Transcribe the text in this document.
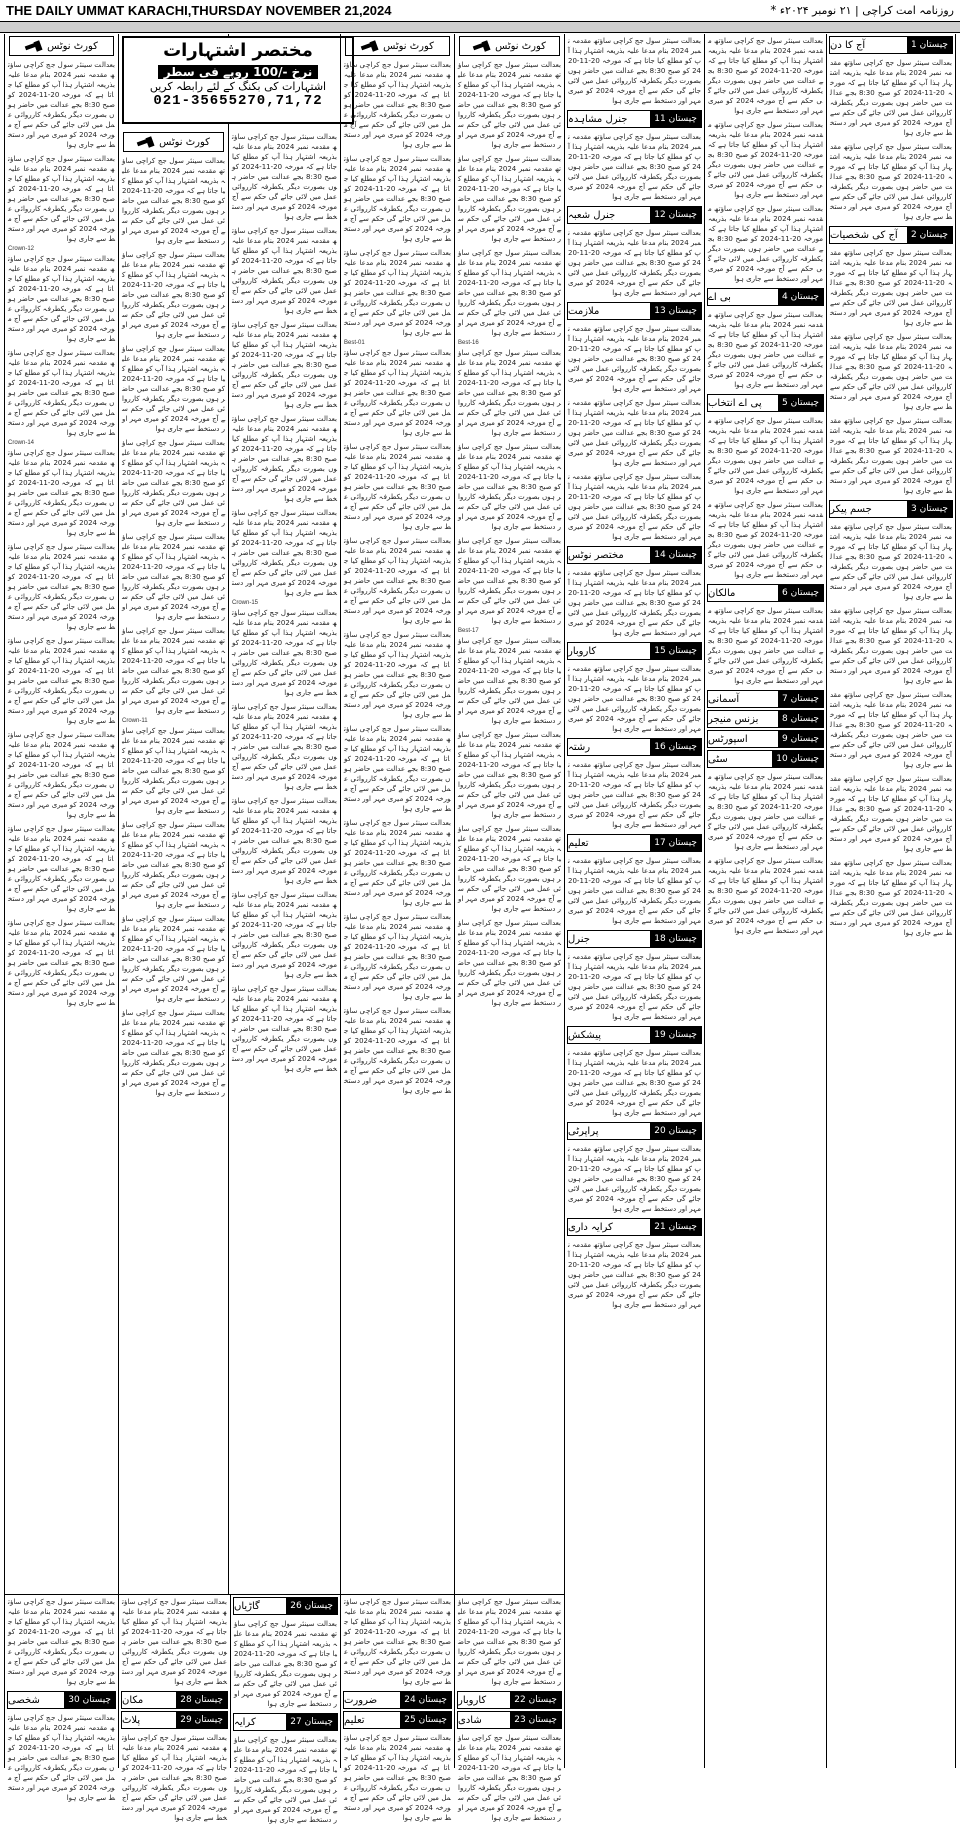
THE DAILY UMMAT KARACHI,THURSDAY NOVEMBER 21,2024	روزنامہ امت کراچی | ۲۱ نومبر ۲۰۲۴ء *
کورٹ نوٹس
بعدالت سینئر سول جج کراچی ساؤتھ مقدمہ نمبر 2024 بنام مدعا علیہ بذریعہ اشتہار ہذا آپ کو مطلع کیا جاتا ہے کہ مورخہ 20-11-2024 کو صبح 8:30 بجے عدالت میں حاضر ہوں بصورت دیگر یکطرفہ کارروائی عمل میں لائی جائے گی حکم سے آج مورخہ 2024 کو میری مہر اور دستخط سے جاری ہوا
بعدالت سینئر سول جج کراچی ساؤتھ مقدمہ نمبر 2024 بنام مدعا علیہ بذریعہ اشتہار ہذا آپ کو مطلع کیا جاتا ہے کہ مورخہ 20-11-2024 کو صبح 8:30 بجے عدالت میں حاضر ہوں بصورت دیگر یکطرفہ کارروائی عمل میں لائی جائے گی حکم سے آج مورخہ 2024 کو میری مہر اور دستخط سے جاری ہوا
Crown-12
بعدالت سینئر سول جج کراچی ساؤتھ مقدمہ نمبر 2024 بنام مدعا علیہ بذریعہ اشتہار ہذا آپ کو مطلع کیا جاتا ہے کہ مورخہ 20-11-2024 کو صبح 8:30 بجے عدالت میں حاضر ہوں بصورت دیگر یکطرفہ کارروائی عمل میں لائی جائے گی حکم سے آج مورخہ 2024 کو میری مہر اور دستخط سے جاری ہوا
بعدالت سینئر سول جج کراچی ساؤتھ مقدمہ نمبر 2024 بنام مدعا علیہ بذریعہ اشتہار ہذا آپ کو مطلع کیا جاتا ہے کہ مورخہ 20-11-2024 کو صبح 8:30 بجے عدالت میں حاضر ہوں بصورت دیگر یکطرفہ کارروائی عمل میں لائی جائے گی حکم سے آج مورخہ 2024 کو میری مہر اور دستخط سے جاری ہوا
Crown-14
بعدالت سینئر سول جج کراچی ساؤتھ مقدمہ نمبر 2024 بنام مدعا علیہ بذریعہ اشتہار ہذا آپ کو مطلع کیا جاتا ہے کہ مورخہ 20-11-2024 کو صبح 8:30 بجے عدالت میں حاضر ہوں بصورت دیگر یکطرفہ کارروائی عمل میں لائی جائے گی حکم سے آج مورخہ 2024 کو میری مہر اور دستخط سے جاری ہوا
بعدالت سینئر سول جج کراچی ساؤتھ مقدمہ نمبر 2024 بنام مدعا علیہ بذریعہ اشتہار ہذا آپ کو مطلع کیا جاتا ہے کہ مورخہ 20-11-2024 کو صبح 8:30 بجے عدالت میں حاضر ہوں بصورت دیگر یکطرفہ کارروائی عمل میں لائی جائے گی حکم سے آج مورخہ 2024 کو میری مہر اور دستخط سے جاری ہوا
بعدالت سینئر سول جج کراچی ساؤتھ مقدمہ نمبر 2024 بنام مدعا علیہ بذریعہ اشتہار ہذا آپ کو مطلع کیا جاتا ہے کہ مورخہ 20-11-2024 کو صبح 8:30 بجے عدالت میں حاضر ہوں بصورت دیگر یکطرفہ کارروائی عمل میں لائی جائے گی حکم سے آج مورخہ 2024 کو میری مہر اور دستخط سے جاری ہوا
بعدالت سینئر سول جج کراچی ساؤتھ مقدمہ نمبر 2024 بنام مدعا علیہ بذریعہ اشتہار ہذا آپ کو مطلع کیا جاتا ہے کہ مورخہ 20-11-2024 کو صبح 8:30 بجے عدالت میں حاضر ہوں بصورت دیگر یکطرفہ کارروائی عمل میں لائی جائے گی حکم سے آج مورخہ 2024 کو میری مہر اور دستخط سے جاری ہوا
بعدالت سینئر سول جج کراچی ساؤتھ مقدمہ نمبر 2024 بنام مدعا علیہ بذریعہ اشتہار ہذا آپ کو مطلع کیا جاتا ہے کہ مورخہ 20-11-2024 کو صبح 8:30 بجے عدالت میں حاضر ہوں بصورت دیگر یکطرفہ کارروائی عمل میں لائی جائے گی حکم سے آج مورخہ 2024 کو میری مہر اور دستخط سے جاری ہوا
بعدالت سینئر سول جج کراچی ساؤتھ مقدمہ نمبر 2024 بنام مدعا علیہ بذریعہ اشتہار ہذا آپ کو مطلع کیا جاتا ہے کہ مورخہ 20-11-2024 کو صبح 8:30 بجے عدالت میں حاضر ہوں بصورت دیگر یکطرفہ کارروائی عمل میں لائی جائے گی حکم سے آج مورخہ 2024 کو میری مہر اور دستخط سے جاری ہوا
کورٹ نوٹس
بعدالت سینئر سول جج کراچی ساؤتھ مقدمہ نمبر 2024 بنام مدعا علیہ بذریعہ اشتہار ہذا آپ کو مطلع کیا جاتا ہے کہ مورخہ 20-11-2024 کو صبح 8:30 بجے عدالت میں حاضر ہوں بصورت دیگر یکطرفہ کارروائی عمل میں لائی جائے گی حکم سے آج مورخہ 2024 کو میری مہر اور دستخط سے جاری ہوا
بعدالت سینئر سول جج کراچی ساؤتھ مقدمہ نمبر 2024 بنام مدعا علیہ بذریعہ اشتہار ہذا آپ کو مطلع کیا جاتا ہے کہ مورخہ 20-11-2024 کو صبح 8:30 بجے عدالت میں حاضر ہوں بصورت دیگر یکطرفہ کارروائی عمل میں لائی جائے گی حکم سے آج مورخہ 2024 کو میری مہر اور دستخط سے جاری ہوا
بعدالت سینئر سول جج کراچی ساؤتھ مقدمہ نمبر 2024 بنام مدعا علیہ بذریعہ اشتہار ہذا آپ کو مطلع کیا جاتا ہے کہ مورخہ 20-11-2024 کو صبح 8:30 بجے عدالت میں حاضر ہوں بصورت دیگر یکطرفہ کارروائی عمل میں لائی جائے گی حکم سے آج مورخہ 2024 کو میری مہر اور دستخط سے جاری ہوا
بعدالت سینئر سول جج کراچی ساؤتھ مقدمہ نمبر 2024 بنام مدعا علیہ بذریعہ اشتہار ہذا آپ کو مطلع کیا جاتا ہے کہ مورخہ 20-11-2024 کو صبح 8:30 بجے عدالت میں حاضر ہوں بصورت دیگر یکطرفہ کارروائی عمل میں لائی جائے گی حکم سے آج مورخہ 2024 کو میری مہر اور دستخط سے جاری ہوا
بعدالت سینئر سول جج کراچی ساؤتھ مقدمہ نمبر 2024 بنام مدعا علیہ بذریعہ اشتہار ہذا آپ کو مطلع کیا جاتا ہے کہ مورخہ 20-11-2024 کو صبح 8:30 بجے عدالت میں حاضر ہوں بصورت دیگر یکطرفہ کارروائی عمل میں لائی جائے گی حکم سے آج مورخہ 2024 کو میری مہر اور دستخط سے جاری ہوا
بعدالت سینئر سول جج کراچی ساؤتھ مقدمہ نمبر 2024 بنام مدعا علیہ بذریعہ اشتہار ہذا آپ کو مطلع کیا جاتا ہے کہ مورخہ 20-11-2024 کو صبح 8:30 بجے عدالت میں حاضر ہوں بصورت دیگر یکطرفہ کارروائی عمل میں لائی جائے گی حکم سے آج مورخہ 2024 کو میری مہر اور دستخط سے جاری ہوا
Crown-11
بعدالت سینئر سول جج کراچی ساؤتھ مقدمہ نمبر 2024 بنام مدعا علیہ بذریعہ اشتہار ہذا آپ کو مطلع کیا جاتا ہے کہ مورخہ 20-11-2024 کو صبح 8:30 بجے عدالت میں حاضر ہوں بصورت دیگر یکطرفہ کارروائی عمل میں لائی جائے گی حکم سے آج مورخہ 2024 کو میری مہر اور دستخط سے جاری ہوا
بعدالت سینئر سول جج کراچی ساؤتھ مقدمہ نمبر 2024 بنام مدعا علیہ بذریعہ اشتہار ہذا آپ کو مطلع کیا جاتا ہے کہ مورخہ 20-11-2024 کو صبح 8:30 بجے عدالت میں حاضر ہوں بصورت دیگر یکطرفہ کارروائی عمل میں لائی جائے گی حکم سے آج مورخہ 2024 کو میری مہر اور دستخط سے جاری ہوا
بعدالت سینئر سول جج کراچی ساؤتھ مقدمہ نمبر 2024 بنام مدعا علیہ بذریعہ اشتہار ہذا آپ کو مطلع کیا جاتا ہے کہ مورخہ 20-11-2024 کو صبح 8:30 بجے عدالت میں حاضر ہوں بصورت دیگر یکطرفہ کارروائی عمل میں لائی جائے گی حکم سے آج مورخہ 2024 کو میری مہر اور دستخط سے جاری ہوا
بعدالت سینئر سول جج کراچی ساؤتھ مقدمہ نمبر 2024 بنام مدعا علیہ بذریعہ اشتہار ہذا آپ کو مطلع کیا جاتا ہے کہ مورخہ 20-11-2024 کو صبح 8:30 بجے عدالت میں حاضر ہوں بصورت دیگر یکطرفہ کارروائی عمل میں لائی جائے گی حکم سے آج مورخہ 2024 کو میری مہر اور دستخط سے جاری ہوا
بعدالت سینئر سول جج کراچی ساؤتھ مقدمہ نمبر 2024 بنام مدعا علیہ بذریعہ اشتہار ہذا آپ کو مطلع کیا جاتا ہے کہ مورخہ 20-11-2024 کو صبح 8:30 بجے عدالت میں حاضر ہوں بصورت دیگر یکطرفہ کارروائی عمل میں لائی جائے گی حکم سے آج مورخہ 2024 کو میری مہر اور دستخط سے جاری ہوا
بعدالت سینئر سول جج کراچی ساؤتھ مقدمہ نمبر 2024 بنام مدعا علیہ بذریعہ اشتہار ہذا آپ کو مطلع کیا جاتا ہے کہ مورخہ 20-11-2024 کو صبح 8:30 بجے عدالت میں حاضر ہوں بصورت دیگر یکطرفہ کارروائی عمل میں لائی جائے گی حکم سے آج مورخہ 2024 کو میری مہر اور دستخط سے جاری ہوا
بعدالت سینئر سول جج کراچی ساؤتھ مقدمہ نمبر 2024 بنام مدعا علیہ بذریعہ اشتہار ہذا آپ کو مطلع کیا جاتا ہے کہ مورخہ 20-11-2024 کو صبح 8:30 بجے عدالت میں حاضر ہوں بصورت دیگر یکطرفہ کارروائی عمل میں لائی جائے گی حکم سے آج مورخہ 2024 کو میری مہر اور دستخط سے جاری ہوا
بعدالت سینئر سول جج کراچی ساؤتھ مقدمہ نمبر 2024 بنام مدعا علیہ بذریعہ اشتہار ہذا آپ کو مطلع کیا جاتا ہے کہ مورخہ 20-11-2024 کو صبح 8:30 بجے عدالت میں حاضر ہوں بصورت دیگر یکطرفہ کارروائی عمل میں لائی جائے گی حکم سے آج مورخہ 2024 کو میری مہر اور دستخط سے جاری ہوا
بعدالت سینئر سول جج کراچی ساؤتھ مقدمہ نمبر 2024 بنام مدعا علیہ بذریعہ اشتہار ہذا آپ کو مطلع کیا جاتا ہے کہ مورخہ 20-11-2024 کو صبح 8:30 بجے عدالت میں حاضر ہوں بصورت دیگر یکطرفہ کارروائی عمل میں لائی جائے گی حکم سے آج مورخہ 2024 کو میری مہر اور دستخط سے جاری ہوا
Crown-15
بعدالت سینئر سول جج کراچی ساؤتھ مقدمہ نمبر 2024 بنام مدعا علیہ بذریعہ اشتہار ہذا آپ کو مطلع کیا جاتا ہے کہ مورخہ 20-11-2024 کو صبح 8:30 بجے عدالت میں حاضر ہوں بصورت دیگر یکطرفہ کارروائی عمل میں لائی جائے گی حکم سے آج مورخہ 2024 کو میری مہر اور دستخط سے جاری ہوا
بعدالت سینئر سول جج کراچی ساؤتھ مقدمہ نمبر 2024 بنام مدعا علیہ بذریعہ اشتہار ہذا آپ کو مطلع کیا جاتا ہے کہ مورخہ 20-11-2024 کو صبح 8:30 بجے عدالت میں حاضر ہوں بصورت دیگر یکطرفہ کارروائی عمل میں لائی جائے گی حکم سے آج مورخہ 2024 کو میری مہر اور دستخط سے جاری ہوا
بعدالت سینئر سول جج کراچی ساؤتھ مقدمہ نمبر 2024 بنام مدعا علیہ بذریعہ اشتہار ہذا آپ کو مطلع کیا جاتا ہے کہ مورخہ 20-11-2024 کو صبح 8:30 بجے عدالت میں حاضر ہوں بصورت دیگر یکطرفہ کارروائی عمل میں لائی جائے گی حکم سے آج مورخہ 2024 کو میری مہر اور دستخط سے جاری ہوا
بعدالت سینئر سول جج کراچی ساؤتھ مقدمہ نمبر 2024 بنام مدعا علیہ بذریعہ اشتہار ہذا آپ کو مطلع کیا جاتا ہے کہ مورخہ 20-11-2024 کو صبح 8:30 بجے عدالت میں حاضر ہوں بصورت دیگر یکطرفہ کارروائی عمل میں لائی جائے گی حکم سے آج مورخہ 2024 کو میری مہر اور دستخط سے جاری ہوا
بعدالت سینئر سول جج کراچی ساؤتھ مقدمہ نمبر 2024 بنام مدعا علیہ بذریعہ اشتہار ہذا آپ کو مطلع کیا جاتا ہے کہ مورخہ 20-11-2024 کو صبح 8:30 بجے عدالت میں حاضر ہوں بصورت دیگر یکطرفہ کارروائی عمل میں لائی جائے گی حکم سے آج مورخہ 2024 کو میری مہر اور دستخط سے جاری ہوا
مختصر اشتہارات
نرخ -/100 روپے فی سطر
اشتہارات کی بکنگ کے لئے رابطہ کریں
021-35655270,71,72
کورٹ نوٹس
بعدالت سینئر سول جج کراچی ساؤتھ مقدمہ نمبر 2024 بنام مدعا علیہ بذریعہ اشتہار ہذا آپ کو مطلع کیا جاتا ہے کہ مورخہ 20-11-2024 کو صبح 8:30 بجے عدالت میں حاضر ہوں بصورت دیگر یکطرفہ کارروائی عمل میں لائی جائے گی حکم سے آج مورخہ 2024 کو میری مہر اور دستخط سے جاری ہوا
بعدالت سینئر سول جج کراچی ساؤتھ مقدمہ نمبر 2024 بنام مدعا علیہ بذریعہ اشتہار ہذا آپ کو مطلع کیا جاتا ہے کہ مورخہ 20-11-2024 کو صبح 8:30 بجے عدالت میں حاضر ہوں بصورت دیگر یکطرفہ کارروائی عمل میں لائی جائے گی حکم سے آج مورخہ 2024 کو میری مہر اور دستخط سے جاری ہوا
بعدالت سینئر سول جج کراچی ساؤتھ مقدمہ نمبر 2024 بنام مدعا علیہ بذریعہ اشتہار ہذا آپ کو مطلع کیا جاتا ہے کہ مورخہ 20-11-2024 کو صبح 8:30 بجے عدالت میں حاضر ہوں بصورت دیگر یکطرفہ کارروائی عمل میں لائی جائے گی حکم سے آج مورخہ 2024 کو میری مہر اور دستخط سے جاری ہوا
Best-01
بعدالت سینئر سول جج کراچی ساؤتھ مقدمہ نمبر 2024 بنام مدعا علیہ بذریعہ اشتہار ہذا آپ کو مطلع کیا جاتا ہے کہ مورخہ 20-11-2024 کو صبح 8:30 بجے عدالت میں حاضر ہوں بصورت دیگر یکطرفہ کارروائی عمل میں لائی جائے گی حکم سے آج مورخہ 2024 کو میری مہر اور دستخط سے جاری ہوا
بعدالت سینئر سول جج کراچی ساؤتھ مقدمہ نمبر 2024 بنام مدعا علیہ بذریعہ اشتہار ہذا آپ کو مطلع کیا جاتا ہے کہ مورخہ 20-11-2024 کو صبح 8:30 بجے عدالت میں حاضر ہوں بصورت دیگر یکطرفہ کارروائی عمل میں لائی جائے گی حکم سے آج مورخہ 2024 کو میری مہر اور دستخط سے جاری ہوا
بعدالت سینئر سول جج کراچی ساؤتھ مقدمہ نمبر 2024 بنام مدعا علیہ بذریعہ اشتہار ہذا آپ کو مطلع کیا جاتا ہے کہ مورخہ 20-11-2024 کو صبح 8:30 بجے عدالت میں حاضر ہوں بصورت دیگر یکطرفہ کارروائی عمل میں لائی جائے گی حکم سے آج مورخہ 2024 کو میری مہر اور دستخط سے جاری ہوا
بعدالت سینئر سول جج کراچی ساؤتھ مقدمہ نمبر 2024 بنام مدعا علیہ بذریعہ اشتہار ہذا آپ کو مطلع کیا جاتا ہے کہ مورخہ 20-11-2024 کو صبح 8:30 بجے عدالت میں حاضر ہوں بصورت دیگر یکطرفہ کارروائی عمل میں لائی جائے گی حکم سے آج مورخہ 2024 کو میری مہر اور دستخط سے جاری ہوا
بعدالت سینئر سول جج کراچی ساؤتھ مقدمہ نمبر 2024 بنام مدعا علیہ بذریعہ اشتہار ہذا آپ کو مطلع کیا جاتا ہے کہ مورخہ 20-11-2024 کو صبح 8:30 بجے عدالت میں حاضر ہوں بصورت دیگر یکطرفہ کارروائی عمل میں لائی جائے گی حکم سے آج مورخہ 2024 کو میری مہر اور دستخط سے جاری ہوا
بعدالت سینئر سول جج کراچی ساؤتھ مقدمہ نمبر 2024 بنام مدعا علیہ بذریعہ اشتہار ہذا آپ کو مطلع کیا جاتا ہے کہ مورخہ 20-11-2024 کو صبح 8:30 بجے عدالت میں حاضر ہوں بصورت دیگر یکطرفہ کارروائی عمل میں لائی جائے گی حکم سے آج مورخہ 2024 کو میری مہر اور دستخط سے جاری ہوا
بعدالت سینئر سول جج کراچی ساؤتھ مقدمہ نمبر 2024 بنام مدعا علیہ بذریعہ اشتہار ہذا آپ کو مطلع کیا جاتا ہے کہ مورخہ 20-11-2024 کو صبح 8:30 بجے عدالت میں حاضر ہوں بصورت دیگر یکطرفہ کارروائی عمل میں لائی جائے گی حکم سے آج مورخہ 2024 کو میری مہر اور دستخط سے جاری ہوا
بعدالت سینئر سول جج کراچی ساؤتھ مقدمہ نمبر 2024 بنام مدعا علیہ بذریعہ اشتہار ہذا آپ کو مطلع کیا جاتا ہے کہ مورخہ 20-11-2024 کو صبح 8:30 بجے عدالت میں حاضر ہوں بصورت دیگر یکطرفہ کارروائی عمل میں لائی جائے گی حکم سے آج مورخہ 2024 کو میری مہر اور دستخط سے جاری ہوا
کورٹ نوٹس
بعدالت سینئر سول جج کراچی ساؤتھ مقدمہ نمبر 2024 بنام مدعا علیہ بذریعہ اشتہار ہذا آپ کو مطلع کیا جاتا ہے کہ مورخہ 20-11-2024 کو صبح 8:30 بجے عدالت میں حاضر ہوں بصورت دیگر یکطرفہ کارروائی عمل میں لائی جائے گی حکم سے آج مورخہ 2024 کو میری مہر اور دستخط سے جاری ہوا
بعدالت سینئر سول جج کراچی ساؤتھ مقدمہ نمبر 2024 بنام مدعا علیہ بذریعہ اشتہار ہذا آپ کو مطلع کیا جاتا ہے کہ مورخہ 20-11-2024 کو صبح 8:30 بجے عدالت میں حاضر ہوں بصورت دیگر یکطرفہ کارروائی عمل میں لائی جائے گی حکم سے آج مورخہ 2024 کو میری مہر اور دستخط سے جاری ہوا
بعدالت سینئر سول جج کراچی ساؤتھ مقدمہ نمبر 2024 بنام مدعا علیہ بذریعہ اشتہار ہذا آپ کو مطلع کیا جاتا ہے کہ مورخہ 20-11-2024 کو صبح 8:30 بجے عدالت میں حاضر ہوں بصورت دیگر یکطرفہ کارروائی عمل میں لائی جائے گی حکم سے آج مورخہ 2024 کو میری مہر اور دستخط سے جاری ہوا
Best-16
بعدالت سینئر سول جج کراچی ساؤتھ مقدمہ نمبر 2024 بنام مدعا علیہ بذریعہ اشتہار ہذا آپ کو مطلع کیا جاتا ہے کہ مورخہ 20-11-2024 کو صبح 8:30 بجے عدالت میں حاضر ہوں بصورت دیگر یکطرفہ کارروائی عمل میں لائی جائے گی حکم سے آج مورخہ 2024 کو میری مہر اور دستخط سے جاری ہوا
بعدالت سینئر سول جج کراچی ساؤتھ مقدمہ نمبر 2024 بنام مدعا علیہ بذریعہ اشتہار ہذا آپ کو مطلع کیا جاتا ہے کہ مورخہ 20-11-2024 کو صبح 8:30 بجے عدالت میں حاضر ہوں بصورت دیگر یکطرفہ کارروائی عمل میں لائی جائے گی حکم سے آج مورخہ 2024 کو میری مہر اور دستخط سے جاری ہوا
بعدالت سینئر سول جج کراچی ساؤتھ مقدمہ نمبر 2024 بنام مدعا علیہ بذریعہ اشتہار ہذا آپ کو مطلع کیا جاتا ہے کہ مورخہ 20-11-2024 کو صبح 8:30 بجے عدالت میں حاضر ہوں بصورت دیگر یکطرفہ کارروائی عمل میں لائی جائے گی حکم سے آج مورخہ 2024 کو میری مہر اور دستخط سے جاری ہوا
Best-17
بعدالت سینئر سول جج کراچی ساؤتھ مقدمہ نمبر 2024 بنام مدعا علیہ بذریعہ اشتہار ہذا آپ کو مطلع کیا جاتا ہے کہ مورخہ 20-11-2024 کو صبح 8:30 بجے عدالت میں حاضر ہوں بصورت دیگر یکطرفہ کارروائی عمل میں لائی جائے گی حکم سے آج مورخہ 2024 کو میری مہر اور دستخط سے جاری ہوا
بعدالت سینئر سول جج کراچی ساؤتھ مقدمہ نمبر 2024 بنام مدعا علیہ بذریعہ اشتہار ہذا آپ کو مطلع کیا جاتا ہے کہ مورخہ 20-11-2024 کو صبح 8:30 بجے عدالت میں حاضر ہوں بصورت دیگر یکطرفہ کارروائی عمل میں لائی جائے گی حکم سے آج مورخہ 2024 کو میری مہر اور دستخط سے جاری ہوا
بعدالت سینئر سول جج کراچی ساؤتھ مقدمہ نمبر 2024 بنام مدعا علیہ بذریعہ اشتہار ہذا آپ کو مطلع کیا جاتا ہے کہ مورخہ 20-11-2024 کو صبح 8:30 بجے عدالت میں حاضر ہوں بصورت دیگر یکطرفہ کارروائی عمل میں لائی جائے گی حکم سے آج مورخہ 2024 کو میری مہر اور دستخط سے جاری ہوا
بعدالت سینئر سول جج کراچی ساؤتھ مقدمہ نمبر 2024 بنام مدعا علیہ بذریعہ اشتہار ہذا آپ کو مطلع کیا جاتا ہے کہ مورخہ 20-11-2024 کو صبح 8:30 بجے عدالت میں حاضر ہوں بصورت دیگر یکطرفہ کارروائی عمل میں لائی جائے گی حکم سے آج مورخہ 2024 کو میری مہر اور دستخط سے جاری ہوا
بعدالت سینئر سول جج کراچی ساؤتھ مقدمہ نمبر 2024 بنام مدعا علیہ بذریعہ اشتہار ہذا آپ کو مطلع کیا جاتا ہے کہ مورخہ 20-11-2024 کو صبح 8:30 بجے عدالت میں حاضر ہوں بصورت دیگر یکطرفہ کارروائی عمل میں لائی جائے گی حکم سے آج مورخہ 2024 کو میری مہر اور دستخط سے جاری ہوا
چیستان 11
جنرل مشاہدہ
بعدالت سینئر سول جج کراچی ساؤتھ مقدمہ نمبر 2024 بنام مدعا علیہ بذریعہ اشتہار ہذا آپ کو مطلع کیا جاتا ہے کہ مورخہ 20-11-2024 کو صبح 8:30 بجے عدالت میں حاضر ہوں بصورت دیگر یکطرفہ کارروائی عمل میں لائی جائے گی حکم سے آج مورخہ 2024 کو میری مہر اور دستخط سے جاری ہوا
چیستان 12
جنرل شعبہ
بعدالت سینئر سول جج کراچی ساؤتھ مقدمہ نمبر 2024 بنام مدعا علیہ بذریعہ اشتہار ہذا آپ کو مطلع کیا جاتا ہے کہ مورخہ 20-11-2024 کو صبح 8:30 بجے عدالت میں حاضر ہوں بصورت دیگر یکطرفہ کارروائی عمل میں لائی جائے گی حکم سے آج مورخہ 2024 کو میری مہر اور دستخط سے جاری ہوا
چیستان 13
ملازمت
بعدالت سینئر سول جج کراچی ساؤتھ مقدمہ نمبر 2024 بنام مدعا علیہ بذریعہ اشتہار ہذا آپ کو مطلع کیا جاتا ہے کہ مورخہ 20-11-2024 کو صبح 8:30 بجے عدالت میں حاضر ہوں بصورت دیگر یکطرفہ کارروائی عمل میں لائی جائے گی حکم سے آج مورخہ 2024 کو میری مہر اور دستخط سے جاری ہوا
بعدالت سینئر سول جج کراچی ساؤتھ مقدمہ نمبر 2024 بنام مدعا علیہ بذریعہ اشتہار ہذا آپ کو مطلع کیا جاتا ہے کہ مورخہ 20-11-2024 کو صبح 8:30 بجے عدالت میں حاضر ہوں بصورت دیگر یکطرفہ کارروائی عمل میں لائی جائے گی حکم سے آج مورخہ 2024 کو میری مہر اور دستخط سے جاری ہوا
بعدالت سینئر سول جج کراچی ساؤتھ مقدمہ نمبر 2024 بنام مدعا علیہ بذریعہ اشتہار ہذا آپ کو مطلع کیا جاتا ہے کہ مورخہ 20-11-2024 کو صبح 8:30 بجے عدالت میں حاضر ہوں بصورت دیگر یکطرفہ کارروائی عمل میں لائی جائے گی حکم سے آج مورخہ 2024 کو میری مہر اور دستخط سے جاری ہوا
چیستان 14
مختصر نوٹس
بعدالت سینئر سول جج کراچی ساؤتھ مقدمہ نمبر 2024 بنام مدعا علیہ بذریعہ اشتہار ہذا آپ کو مطلع کیا جاتا ہے کہ مورخہ 20-11-2024 کو صبح 8:30 بجے عدالت میں حاضر ہوں بصورت دیگر یکطرفہ کارروائی عمل میں لائی جائے گی حکم سے آج مورخہ 2024 کو میری مہر اور دستخط سے جاری ہوا
چیستان 15
کاروبار
بعدالت سینئر سول جج کراچی ساؤتھ مقدمہ نمبر 2024 بنام مدعا علیہ بذریعہ اشتہار ہذا آپ کو مطلع کیا جاتا ہے کہ مورخہ 20-11-2024 کو صبح 8:30 بجے عدالت میں حاضر ہوں بصورت دیگر یکطرفہ کارروائی عمل میں لائی جائے گی حکم سے آج مورخہ 2024 کو میری مہر اور دستخط سے جاری ہوا
چیستان 16
رشتہ
بعدالت سینئر سول جج کراچی ساؤتھ مقدمہ نمبر 2024 بنام مدعا علیہ بذریعہ اشتہار ہذا آپ کو مطلع کیا جاتا ہے کہ مورخہ 20-11-2024 کو صبح 8:30 بجے عدالت میں حاضر ہوں بصورت دیگر یکطرفہ کارروائی عمل میں لائی جائے گی حکم سے آج مورخہ 2024 کو میری مہر اور دستخط سے جاری ہوا
چیستان 17
تعلیم
بعدالت سینئر سول جج کراچی ساؤتھ مقدمہ نمبر 2024 بنام مدعا علیہ بذریعہ اشتہار ہذا آپ کو مطلع کیا جاتا ہے کہ مورخہ 20-11-2024 کو صبح 8:30 بجے عدالت میں حاضر ہوں بصورت دیگر یکطرفہ کارروائی عمل میں لائی جائے گی حکم سے آج مورخہ 2024 کو میری مہر اور دستخط سے جاری ہوا
چیستان 18
جنرل
بعدالت سینئر سول جج کراچی ساؤتھ مقدمہ نمبر 2024 بنام مدعا علیہ بذریعہ اشتہار ہذا آپ کو مطلع کیا جاتا ہے کہ مورخہ 20-11-2024 کو صبح 8:30 بجے عدالت میں حاضر ہوں بصورت دیگر یکطرفہ کارروائی عمل میں لائی جائے گی حکم سے آج مورخہ 2024 کو میری مہر اور دستخط سے جاری ہوا
چیستان 19
پیشکش
بعدالت سینئر سول جج کراچی ساؤتھ مقدمہ نمبر 2024 بنام مدعا علیہ بذریعہ اشتہار ہذا آپ کو مطلع کیا جاتا ہے کہ مورخہ 20-11-2024 کو صبح 8:30 بجے عدالت میں حاضر ہوں بصورت دیگر یکطرفہ کارروائی عمل میں لائی جائے گی حکم سے آج مورخہ 2024 کو میری مہر اور دستخط سے جاری ہوا
چیستان 20
پراپرٹی
بعدالت سینئر سول جج کراچی ساؤتھ مقدمہ نمبر 2024 بنام مدعا علیہ بذریعہ اشتہار ہذا آپ کو مطلع کیا جاتا ہے کہ مورخہ 20-11-2024 کو صبح 8:30 بجے عدالت میں حاضر ہوں بصورت دیگر یکطرفہ کارروائی عمل میں لائی جائے گی حکم سے آج مورخہ 2024 کو میری مہر اور دستخط سے جاری ہوا
چیستان 21
کرایہ داری
بعدالت سینئر سول جج کراچی ساؤتھ مقدمہ نمبر 2024 بنام مدعا علیہ بذریعہ اشتہار ہذا آپ کو مطلع کیا جاتا ہے کہ مورخہ 20-11-2024 کو صبح 8:30 بجے عدالت میں حاضر ہوں بصورت دیگر یکطرفہ کارروائی عمل میں لائی جائے گی حکم سے آج مورخہ 2024 کو میری مہر اور دستخط سے جاری ہوا
بعدالت سینئر سول جج کراچی ساؤتھ مقدمہ نمبر 2024 بنام مدعا علیہ بذریعہ اشتہار ہذا آپ کو مطلع کیا جاتا ہے کہ مورخہ 20-11-2024 کو صبح 8:30 بجے عدالت میں حاضر ہوں بصورت دیگر یکطرفہ کارروائی عمل میں لائی جائے گی حکم سے آج مورخہ 2024 کو میری مہر اور دستخط سے جاری ہوا
بعدالت سینئر سول جج کراچی ساؤتھ مقدمہ نمبر 2024 بنام مدعا علیہ بذریعہ اشتہار ہذا آپ کو مطلع کیا جاتا ہے کہ مورخہ 20-11-2024 کو صبح 8:30 بجے عدالت میں حاضر ہوں بصورت دیگر یکطرفہ کارروائی عمل میں لائی جائے گی حکم سے آج مورخہ 2024 کو میری مہر اور دستخط سے جاری ہوا
بعدالت سینئر سول جج کراچی ساؤتھ مقدمہ نمبر 2024 بنام مدعا علیہ بذریعہ اشتہار ہذا آپ کو مطلع کیا جاتا ہے کہ مورخہ 20-11-2024 کو صبح 8:30 بجے عدالت میں حاضر ہوں بصورت دیگر یکطرفہ کارروائی عمل میں لائی جائے گی حکم سے آج مورخہ 2024 کو میری مہر اور دستخط سے جاری ہوا
چیستان 4
بی اے
بعدالت سینئر سول جج کراچی ساؤتھ مقدمہ نمبر 2024 بنام مدعا علیہ بذریعہ اشتہار ہذا آپ کو مطلع کیا جاتا ہے کہ مورخہ 20-11-2024 کو صبح 8:30 بجے عدالت میں حاضر ہوں بصورت دیگر یکطرفہ کارروائی عمل میں لائی جائے گی حکم سے آج مورخہ 2024 کو میری مہر اور دستخط سے جاری ہوا
چیستان 5
پی اے انتخاب
بعدالت سینئر سول جج کراچی ساؤتھ مقدمہ نمبر 2024 بنام مدعا علیہ بذریعہ اشتہار ہذا آپ کو مطلع کیا جاتا ہے کہ مورخہ 20-11-2024 کو صبح 8:30 بجے عدالت میں حاضر ہوں بصورت دیگر یکطرفہ کارروائی عمل میں لائی جائے گی حکم سے آج مورخہ 2024 کو میری مہر اور دستخط سے جاری ہوا
بعدالت سینئر سول جج کراچی ساؤتھ مقدمہ نمبر 2024 بنام مدعا علیہ بذریعہ اشتہار ہذا آپ کو مطلع کیا جاتا ہے کہ مورخہ 20-11-2024 کو صبح 8:30 بجے عدالت میں حاضر ہوں بصورت دیگر یکطرفہ کارروائی عمل میں لائی جائے گی حکم سے آج مورخہ 2024 کو میری مہر اور دستخط سے جاری ہوا
چیستان 6
مالکان
بعدالت سینئر سول جج کراچی ساؤتھ مقدمہ نمبر 2024 بنام مدعا علیہ بذریعہ اشتہار ہذا آپ کو مطلع کیا جاتا ہے کہ مورخہ 20-11-2024 کو صبح 8:30 بجے عدالت میں حاضر ہوں بصورت دیگر یکطرفہ کارروائی عمل میں لائی جائے گی حکم سے آج مورخہ 2024 کو میری مہر اور دستخط سے جاری ہوا
چیستان 7
آسمانی
چیستان 8
بزنس منیجر
چیستان 9
اسپورٹس
چیستان 10
سٹی
بعدالت سینئر سول جج کراچی ساؤتھ مقدمہ نمبر 2024 بنام مدعا علیہ بذریعہ اشتہار ہذا آپ کو مطلع کیا جاتا ہے کہ مورخہ 20-11-2024 کو صبح 8:30 بجے عدالت میں حاضر ہوں بصورت دیگر یکطرفہ کارروائی عمل میں لائی جائے گی حکم سے آج مورخہ 2024 کو میری مہر اور دستخط سے جاری ہوا
بعدالت سینئر سول جج کراچی ساؤتھ مقدمہ نمبر 2024 بنام مدعا علیہ بذریعہ اشتہار ہذا آپ کو مطلع کیا جاتا ہے کہ مورخہ 20-11-2024 کو صبح 8:30 بجے عدالت میں حاضر ہوں بصورت دیگر یکطرفہ کارروائی عمل میں لائی جائے گی حکم سے آج مورخہ 2024 کو میری مہر اور دستخط سے جاری ہوا
چیستان 1
آج کا دن
بعدالت سینئر سول جج کراچی ساؤتھ مقدمہ نمبر 2024 بنام مدعا علیہ بذریعہ اشتہار ہذا آپ کو مطلع کیا جاتا ہے کہ مورخہ 20-11-2024 کو صبح 8:30 بجے عدالت میں حاضر ہوں بصورت دیگر یکطرفہ کارروائی عمل میں لائی جائے گی حکم سے آج مورخہ 2024 کو میری مہر اور دستخط سے جاری ہوا
بعدالت سینئر سول جج کراچی ساؤتھ مقدمہ نمبر 2024 بنام مدعا علیہ بذریعہ اشتہار ہذا آپ کو مطلع کیا جاتا ہے کہ مورخہ 20-11-2024 کو صبح 8:30 بجے عدالت میں حاضر ہوں بصورت دیگر یکطرفہ کارروائی عمل میں لائی جائے گی حکم سے آج مورخہ 2024 کو میری مہر اور دستخط سے جاری ہوا
چیستان 2
آج کی شخصیات
بعدالت سینئر سول جج کراچی ساؤتھ مقدمہ نمبر 2024 بنام مدعا علیہ بذریعہ اشتہار ہذا آپ کو مطلع کیا جاتا ہے کہ مورخہ 20-11-2024 کو صبح 8:30 بجے عدالت میں حاضر ہوں بصورت دیگر یکطرفہ کارروائی عمل میں لائی جائے گی حکم سے آج مورخہ 2024 کو میری مہر اور دستخط سے جاری ہوا
بعدالت سینئر سول جج کراچی ساؤتھ مقدمہ نمبر 2024 بنام مدعا علیہ بذریعہ اشتہار ہذا آپ کو مطلع کیا جاتا ہے کہ مورخہ 20-11-2024 کو صبح 8:30 بجے عدالت میں حاضر ہوں بصورت دیگر یکطرفہ کارروائی عمل میں لائی جائے گی حکم سے آج مورخہ 2024 کو میری مہر اور دستخط سے جاری ہوا
بعدالت سینئر سول جج کراچی ساؤتھ مقدمہ نمبر 2024 بنام مدعا علیہ بذریعہ اشتہار ہذا آپ کو مطلع کیا جاتا ہے کہ مورخہ 20-11-2024 کو صبح 8:30 بجے عدالت میں حاضر ہوں بصورت دیگر یکطرفہ کارروائی عمل میں لائی جائے گی حکم سے آج مورخہ 2024 کو میری مہر اور دستخط سے جاری ہوا
چیستان 3
جسم پیکر
بعدالت سینئر سول جج کراچی ساؤتھ مقدمہ نمبر 2024 بنام مدعا علیہ بذریعہ اشتہار ہذا آپ کو مطلع کیا جاتا ہے کہ مورخہ 20-11-2024 کو صبح 8:30 بجے عدالت میں حاضر ہوں بصورت دیگر یکطرفہ کارروائی عمل میں لائی جائے گی حکم سے آج مورخہ 2024 کو میری مہر اور دستخط سے جاری ہوا
بعدالت سینئر سول جج کراچی ساؤتھ مقدمہ نمبر 2024 بنام مدعا علیہ بذریعہ اشتہار ہذا آپ کو مطلع کیا جاتا ہے کہ مورخہ 20-11-2024 کو صبح 8:30 بجے عدالت میں حاضر ہوں بصورت دیگر یکطرفہ کارروائی عمل میں لائی جائے گی حکم سے آج مورخہ 2024 کو میری مہر اور دستخط سے جاری ہوا
بعدالت سینئر سول جج کراچی ساؤتھ مقدمہ نمبر 2024 بنام مدعا علیہ بذریعہ اشتہار ہذا آپ کو مطلع کیا جاتا ہے کہ مورخہ 20-11-2024 کو صبح 8:30 بجے عدالت میں حاضر ہوں بصورت دیگر یکطرفہ کارروائی عمل میں لائی جائے گی حکم سے آج مورخہ 2024 کو میری مہر اور دستخط سے جاری ہوا
بعدالت سینئر سول جج کراچی ساؤتھ مقدمہ نمبر 2024 بنام مدعا علیہ بذریعہ اشتہار ہذا آپ کو مطلع کیا جاتا ہے کہ مورخہ 20-11-2024 کو صبح 8:30 بجے عدالت میں حاضر ہوں بصورت دیگر یکطرفہ کارروائی عمل میں لائی جائے گی حکم سے آج مورخہ 2024 کو میری مہر اور دستخط سے جاری ہوا
بعدالت سینئر سول جج کراچی ساؤتھ مقدمہ نمبر 2024 بنام مدعا علیہ بذریعہ اشتہار ہذا آپ کو مطلع کیا جاتا ہے کہ مورخہ 20-11-2024 کو صبح 8:30 بجے عدالت میں حاضر ہوں بصورت دیگر یکطرفہ کارروائی عمل میں لائی جائے گی حکم سے آج مورخہ 2024 کو میری مہر اور دستخط سے جاری ہوا
بعدالت سینئر سول جج کراچی ساؤتھ مقدمہ نمبر 2024 بنام مدعا علیہ بذریعہ اشتہار ہذا آپ کو مطلع کیا جاتا ہے کہ مورخہ 20-11-2024 کو صبح 8:30 بجے عدالت میں حاضر ہوں بصورت دیگر یکطرفہ کارروائی عمل میں لائی جائے گی حکم سے آج مورخہ 2024 کو میری مہر اور دستخط سے جاری ہوا
چیستان 30
شخصی
بعدالت سینئر سول جج کراچی ساؤتھ مقدمہ نمبر 2024 بنام مدعا علیہ بذریعہ اشتہار ہذا آپ کو مطلع کیا جاتا ہے کہ مورخہ 20-11-2024 کو صبح 8:30 بجے عدالت میں حاضر ہوں بصورت دیگر یکطرفہ کارروائی عمل میں لائی جائے گی حکم سے آج مورخہ 2024 کو میری مہر اور دستخط سے جاری ہوا
بعدالت سینئر سول جج کراچی ساؤتھ مقدمہ نمبر 2024 بنام مدعا علیہ بذریعہ اشتہار ہذا آپ کو مطلع کیا جاتا ہے کہ مورخہ 20-11-2024 کو صبح 8:30 بجے عدالت میں حاضر ہوں بصورت دیگر یکطرفہ کارروائی عمل میں لائی جائے گی حکم سے آج مورخہ 2024 کو میری مہر اور دستخط سے جاری ہوا
چیستان 28
مکان
چیستان 29
پلاٹ
بعدالت سینئر سول جج کراچی ساؤتھ مقدمہ نمبر 2024 بنام مدعا علیہ بذریعہ اشتہار ہذا آپ کو مطلع کیا جاتا ہے کہ مورخہ 20-11-2024 کو صبح 8:30 بجے عدالت میں حاضر ہوں بصورت دیگر یکطرفہ کارروائی عمل میں لائی جائے گی حکم سے آج مورخہ 2024 کو میری مہر اور دستخط سے جاری ہوا
چیستان 26
گاڑیاں
بعدالت سینئر سول جج کراچی ساؤتھ مقدمہ نمبر 2024 بنام مدعا علیہ بذریعہ اشتہار ہذا آپ کو مطلع کیا جاتا ہے کہ مورخہ 20-11-2024 کو صبح 8:30 بجے عدالت میں حاضر ہوں بصورت دیگر یکطرفہ کارروائی عمل میں لائی جائے گی حکم سے آج مورخہ 2024 کو میری مہر اور دستخط سے جاری ہوا
چیستان 27
کرایہ
بعدالت سینئر سول جج کراچی ساؤتھ مقدمہ نمبر 2024 بنام مدعا علیہ بذریعہ اشتہار ہذا آپ کو مطلع کیا جاتا ہے کہ مورخہ 20-11-2024 کو صبح 8:30 بجے عدالت میں حاضر ہوں بصورت دیگر یکطرفہ کارروائی عمل میں لائی جائے گی حکم سے آج مورخہ 2024 کو میری مہر اور دستخط سے جاری ہوا
بعدالت سینئر سول جج کراچی ساؤتھ مقدمہ نمبر 2024 بنام مدعا علیہ بذریعہ اشتہار ہذا آپ کو مطلع کیا جاتا ہے کہ مورخہ 20-11-2024 کو صبح 8:30 بجے عدالت میں حاضر ہوں بصورت دیگر یکطرفہ کارروائی عمل میں لائی جائے گی حکم سے آج مورخہ 2024 کو میری مہر اور دستخط سے جاری ہوا
چیستان 24
ضرورت
چیستان 25
تعلیم
بعدالت سینئر سول جج کراچی ساؤتھ مقدمہ نمبر 2024 بنام مدعا علیہ بذریعہ اشتہار ہذا آپ کو مطلع کیا جاتا ہے کہ مورخہ 20-11-2024 کو صبح 8:30 بجے عدالت میں حاضر ہوں بصورت دیگر یکطرفہ کارروائی عمل میں لائی جائے گی حکم سے آج مورخہ 2024 کو میری مہر اور دستخط سے جاری ہوا
بعدالت سینئر سول جج کراچی ساؤتھ مقدمہ نمبر 2024 بنام مدعا علیہ بذریعہ اشتہار ہذا آپ کو مطلع کیا جاتا ہے کہ مورخہ 20-11-2024 کو صبح 8:30 بجے عدالت میں حاضر ہوں بصورت دیگر یکطرفہ کارروائی عمل میں لائی جائے گی حکم سے آج مورخہ 2024 کو میری مہر اور دستخط سے جاری ہوا
چیستان 22
کاروبار
چیستان 23
شادی
بعدالت سینئر سول جج کراچی ساؤتھ مقدمہ نمبر 2024 بنام مدعا علیہ بذریعہ اشتہار ہذا آپ کو مطلع کیا جاتا ہے کہ مورخہ 20-11-2024 کو صبح 8:30 بجے عدالت میں حاضر ہوں بصورت دیگر یکطرفہ کارروائی عمل میں لائی جائے گی حکم سے آج مورخہ 2024 کو میری مہر اور دستخط سے جاری ہوا
